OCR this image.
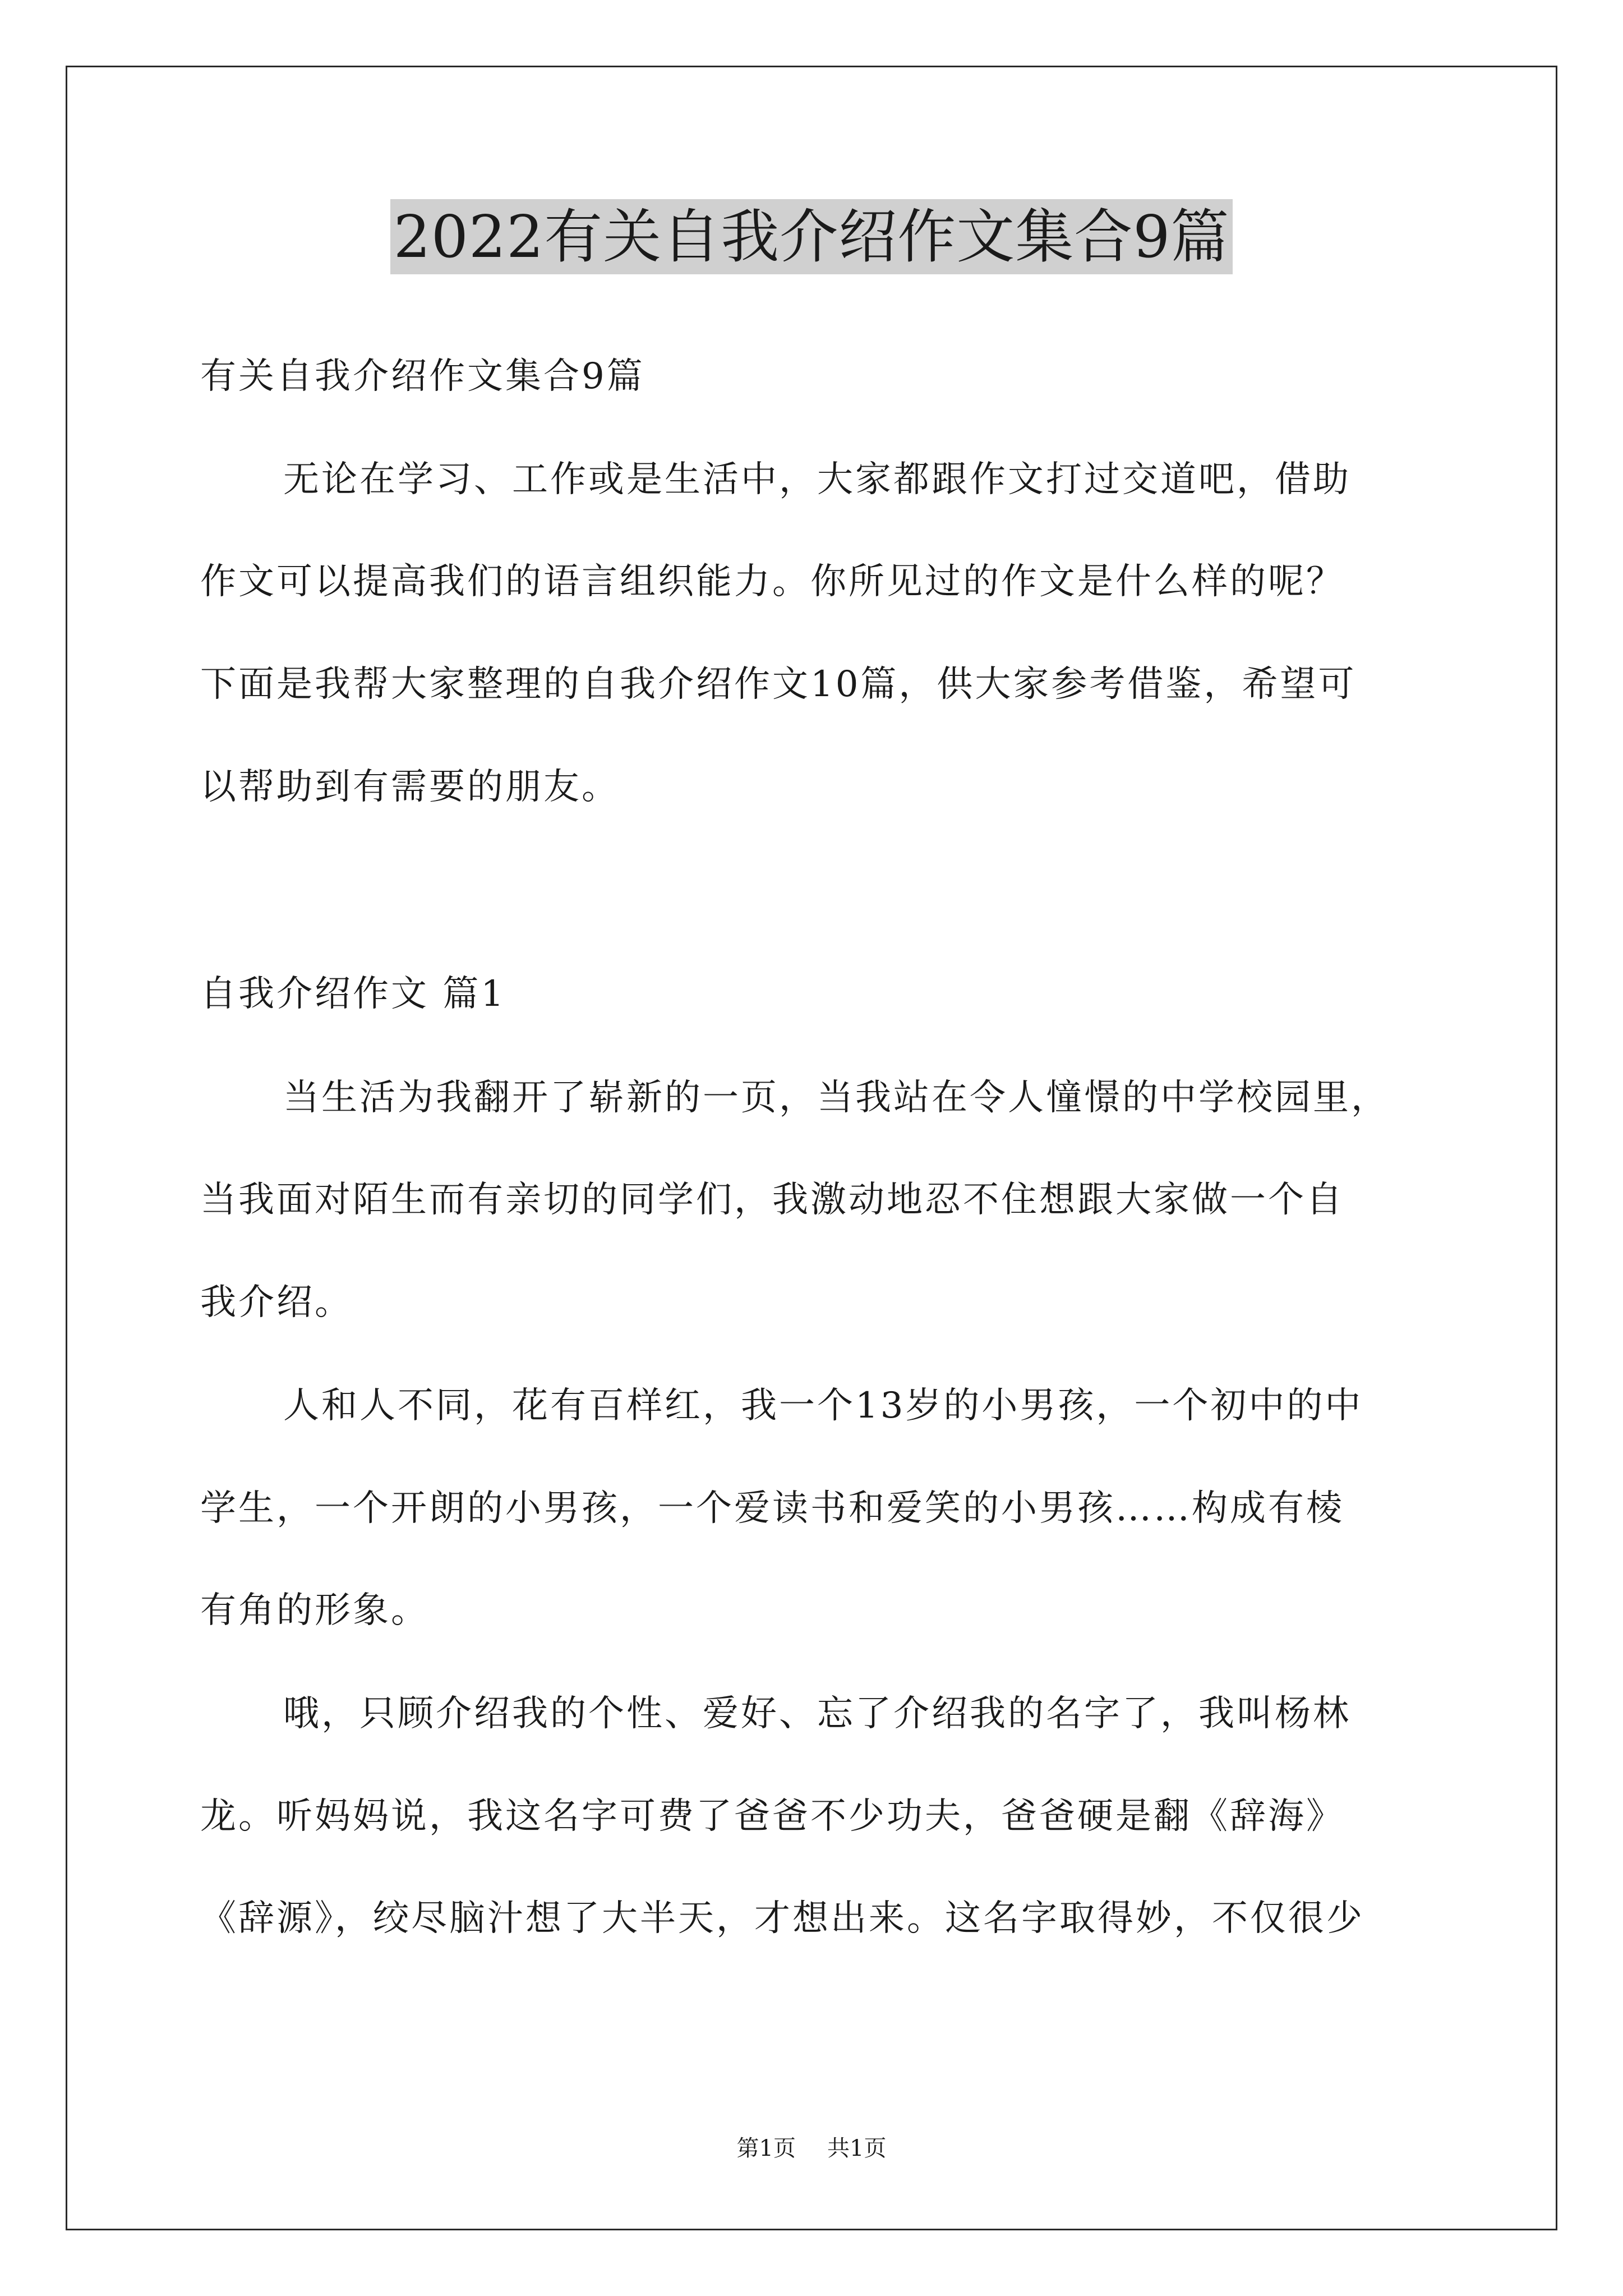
2022有关自我介绍作文集合9篇

有关自我介绍作文集合9篇

无论在学习、工作或是生活中，大家都跟作文打过交道吧，借助

作文可以提高我们的语言组织能力。你所见过的作文是什么样的呢？

下面是我帮大家整理的自我介绍作文10篇，供大家参考借鉴，希望可

以帮助到有需要的朋友。

自我介绍作文 篇1

当生活为我翻开了崭新的一页，当我站在令人憧憬的中学校园里，

当我面对陌生而有亲切的同学们，我激动地忍不住想跟大家做一个自

我介绍。

人和人不同，花有百样红，我一个13岁的小男孩，一个初中的中

学生，一个开朗的小男孩，一个爱读书和爱笑的小男孩……构成有棱

有角的形象。

哦，只顾介绍我的个性、爱好、忘了介绍我的名字了，我叫杨林

龙。听妈妈说，我这名字可费了爸爸不少功夫，爸爸硬是翻《辞海》

《辞源》，绞尽脑汁想了大半天，才想出来。这名字取得妙，不仅很少

第1页 共1页
